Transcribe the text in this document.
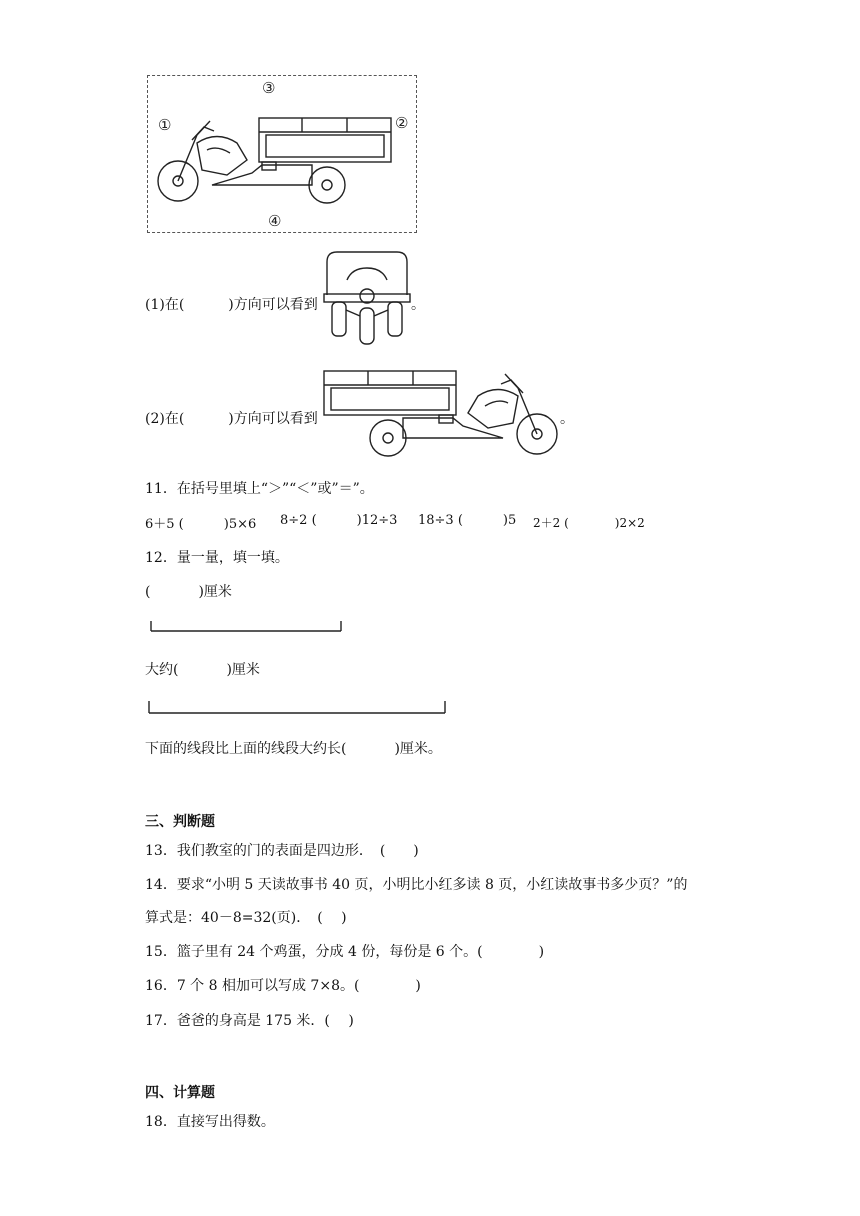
③
①	②
④
(1)在(	)方向可以看到	。
(2)在(	)方向可以看到	。
11．在括号里填上“＞”“＜”或”＝”。
6＋5 (	)5×6 8÷2 (	)12÷3 18÷3 (	)5 2＋2 (	)2×2
12．量一量，填一填。
(	)厘米
大约(	)厘米
下面的线段比上面的线段大约长(	)厘米。
三、判断题
13．我们教室的门的表面是四边形．　(　　)
14．要求“小明 5 天读故事书 40 页，小明比小红多读 8 页，小红读故事书多少页？”的
算式是：40－8=32(页)．　(　 )
15．篮子里有 24 个鸡蛋，分成 4 份，每份是 6 个。(　　　　)
16．7 个 8 相加可以写成 7×8。(　　　　)
17．爸爸的身高是 175 米．(　 )
四、计算题
18．直接写出得数。
